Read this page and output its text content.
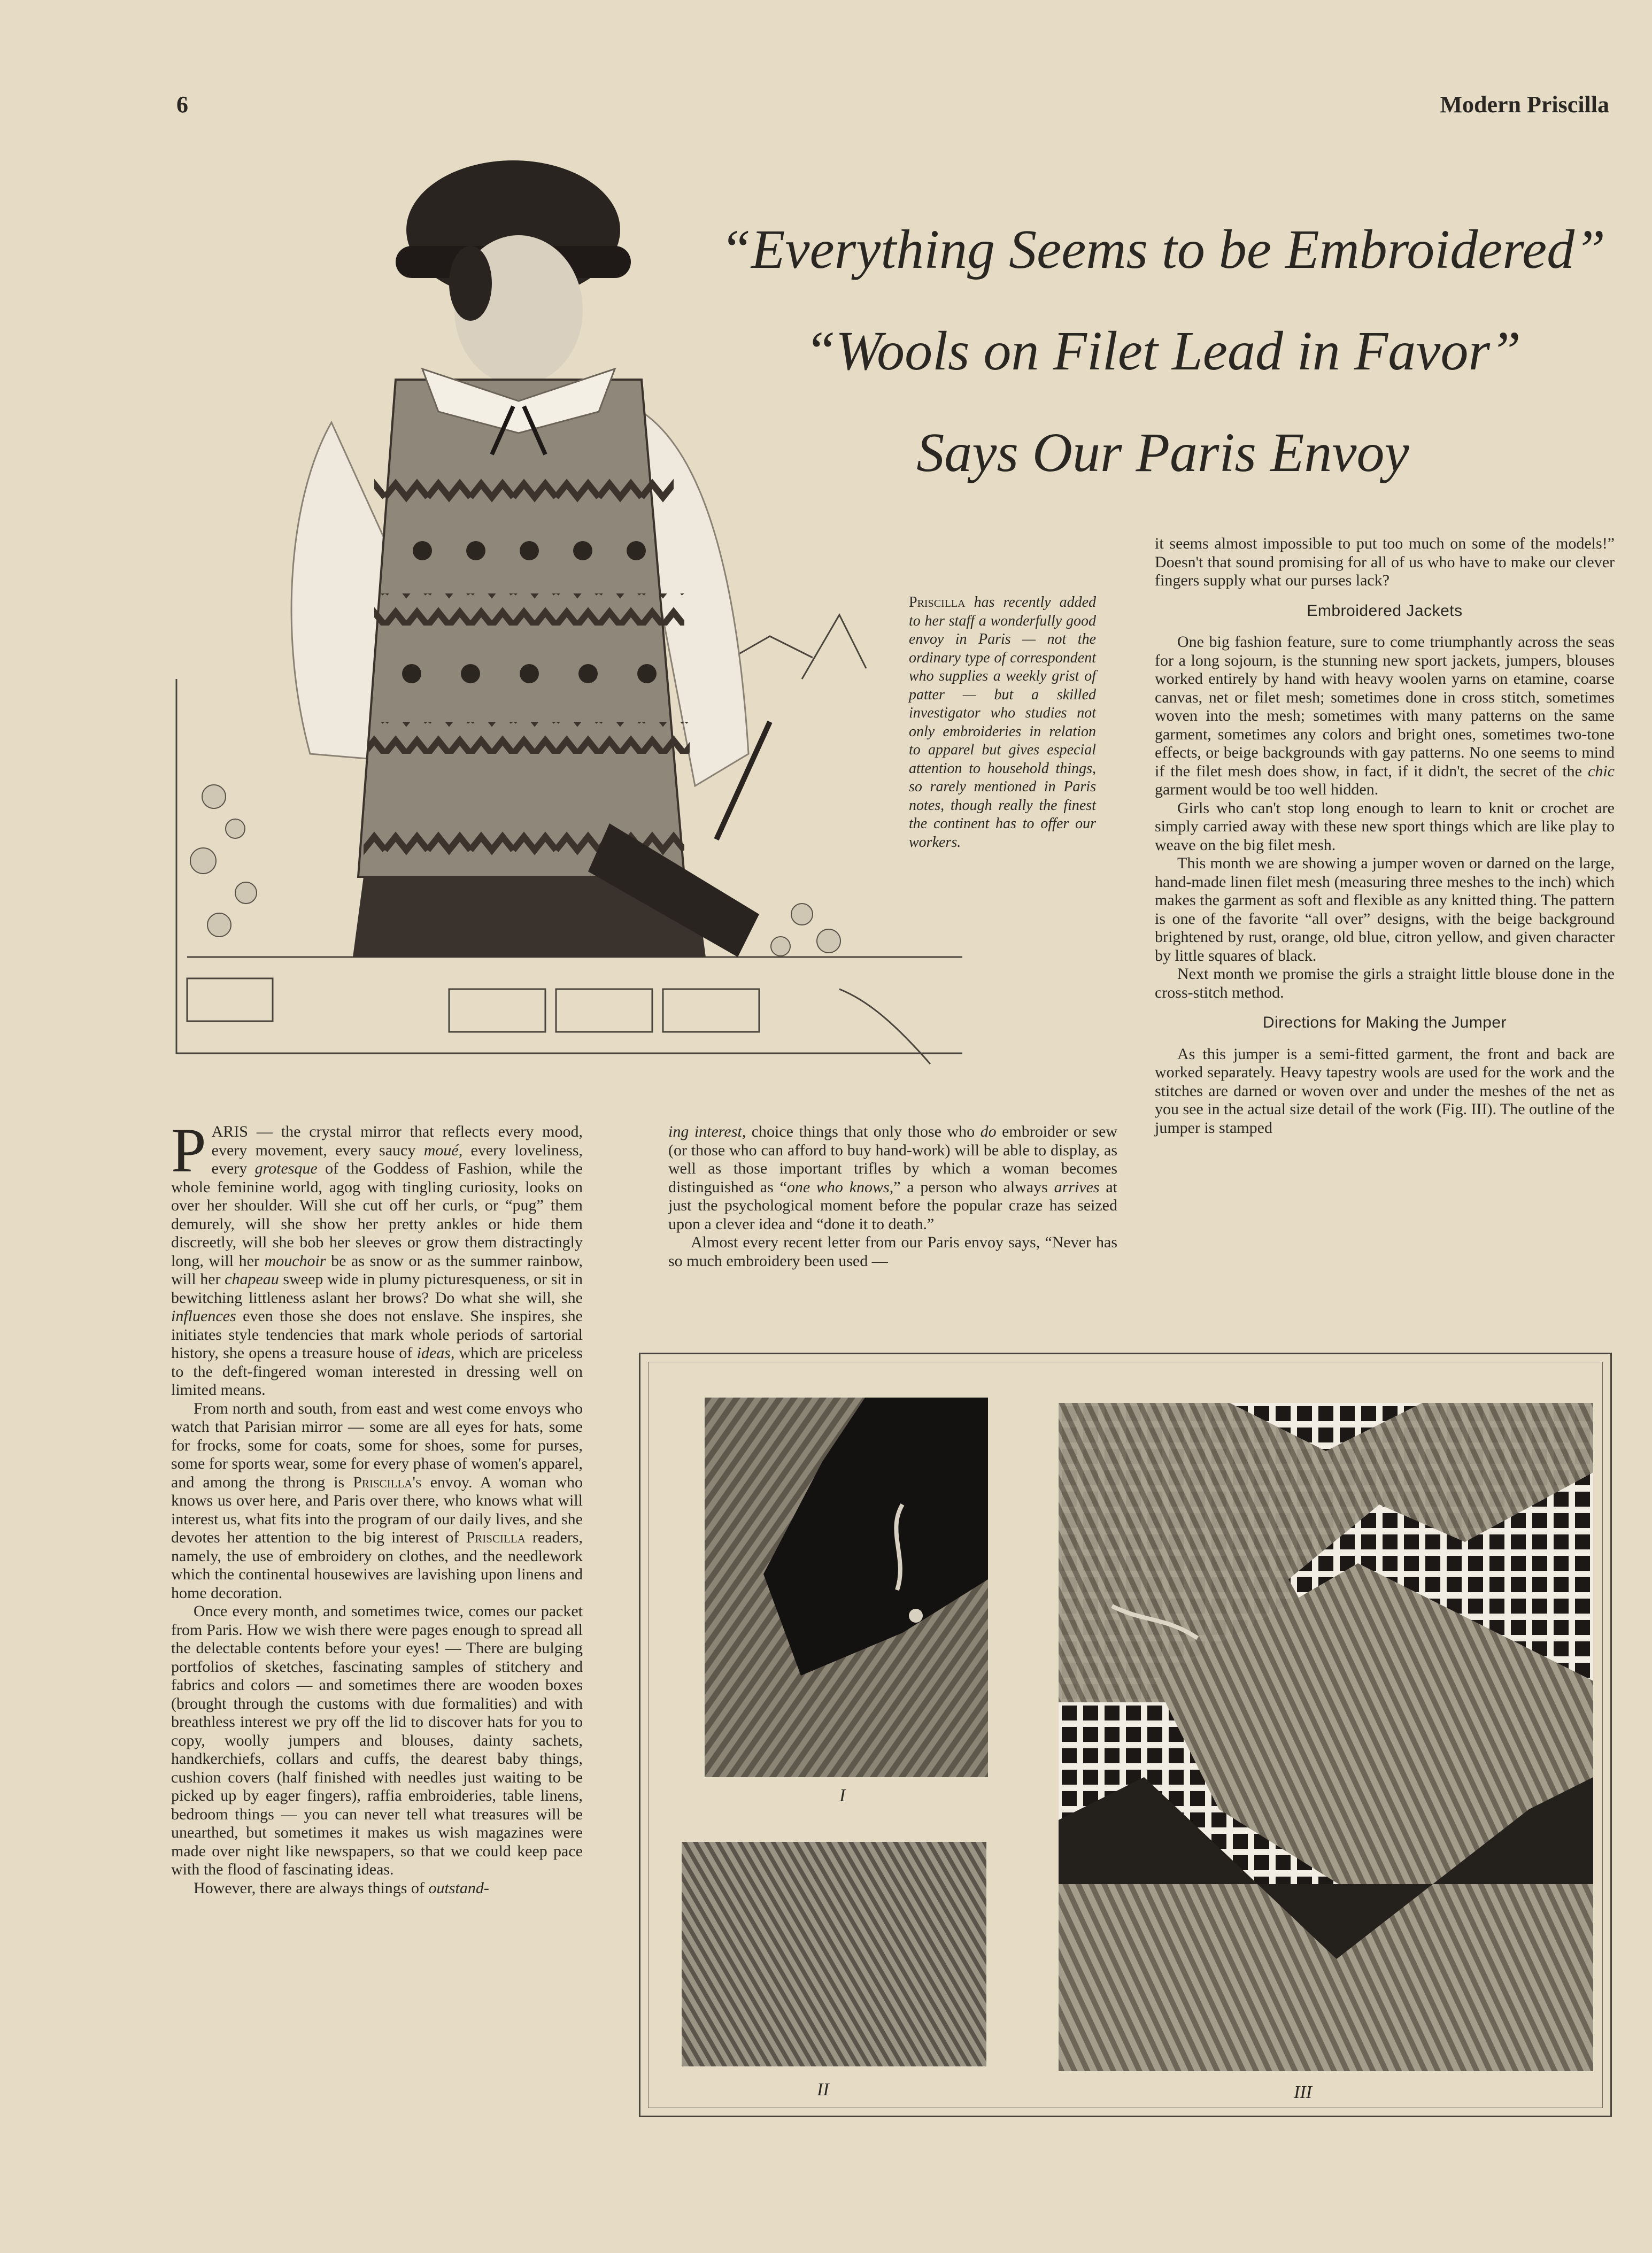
6	Modern Priscilla
“Everything Seems to be Embroidered”
“Wools on Filet Lead in Favor”
Says Our Paris Envoy
Priscilla has recently added to her staff a wonderfully good envoy in Paris — not the ordinary type of correspondent who supplies a weekly grist of patter — but a skilled investigator who studies not only embroideries in relation to apparel but gives especial attention to household things, so rarely mentioned in Paris notes, though really the finest the continent has to offer our workers.

PARIS — the crystal mirror that reflects every mood, every movement, every saucy moué, every loveliness, every grotesque of the Goddess of Fashion, while the whole feminine world, agog with tingling curiosity, looks on over her shoulder. Will she cut off her curls, or “pug” them demurely, will she show her pretty ankles or hide them discreetly, will she bob her sleeves or grow them distractingly long, will her mouchoir be as snow or as the summer rainbow, will her chapeau sweep wide in plumy picturesqueness, or sit in bewitching littleness aslant her brows? Do what she will, she influences even those she does not enslave. She inspires, she initiates style tendencies that mark whole periods of sartorial history, she opens a treasure house of ideas, which are priceless to the deft-fingered woman interested in dressing well on limited means.

From north and south, from east and west come envoys who watch that Parisian mirror — some are all eyes for hats, some for frocks, some for coats, some for shoes, some for purses, some for sports wear, some for every phase of women's apparel, and among the throng is Priscilla's envoy. A woman who knows us over here, and Paris over there, who knows what will interest us, what fits into the program of our daily lives, and she devotes her attention to the big interest of Priscilla readers, namely, the use of embroidery on clothes, and the needlework which the continental housewives are lavishing upon linens and home decoration.

Once every month, and sometimes twice, comes our packet from Paris. How we wish there were pages enough to spread all the delectable contents before your eyes! — There are bulging portfolios of sketches, fascinating samples of stitchery and fabrics and colors — and sometimes there are wooden boxes (brought through the customs with due formalities) and with breathless interest we pry off the lid to discover hats for you to copy, woolly jumpers and blouses, dainty sachets, handkerchiefs, collars and cuffs, the dearest baby things, cushion covers (half finished with needles just waiting to be picked up by eager fingers), raffia embroideries, table linens, bedroom things — you can never tell what treasures will be unearthed, but sometimes it makes us wish magazines were made over night like newspapers, so that we could keep pace with the flood of fascinating ideas.

However, there are always things of outstand-

ing interest, choice things that only those who do embroider or sew (or those who can afford to buy hand-work) will be able to display, as well as those important trifles by which a woman becomes distinguished as “one who knows,” a person who always arrives at just the psychological moment before the popular craze has seized upon a clever idea and “done it to death.”

Almost every recent letter from our Paris envoy says, “Never has so much embroidery been used —

it seems almost impossible to put too much on some of the models!” Doesn't that sound promising for all of us who have to make our clever fingers supply what our purses lack?

Embroidered Jackets

One big fashion feature, sure to come triumphantly across the seas for a long sojourn, is the stunning new sport jackets, jumpers, blouses worked entirely by hand with heavy woolen yarns on etamine, coarse canvas, net or filet mesh; sometimes done in cross stitch, sometimes woven into the mesh; sometimes with many patterns on the same garment, sometimes any colors and bright ones, sometimes two-tone effects, or beige backgrounds with gay patterns. No one seems to mind if the filet mesh does show, in fact, if it didn't, the secret of the chic garment would be too well hidden.

Girls who can't stop long enough to learn to knit or crochet are simply carried away with these new sport things which are like play to weave on the big filet mesh.

This month we are showing a jumper woven or darned on the large, hand-made linen filet mesh (measuring three meshes to the inch) which makes the garment as soft and flexible as any knitted thing. The pattern is one of the favorite “all over” designs, with the beige background brightened by rust, orange, old blue, citron yellow, and given character by little squares of black.

Next month we promise the girls a straight little blouse done in the cross-stitch method.

Directions for Making the Jumper

As this jumper is a semi-fitted garment, the front and back are worked separately. Heavy tapestry wools are used for the work and the stitches are darned or woven over and under the meshes of the net as you see in the actual size detail of the work (Fig. III). The outline of the jumper is stamped

I
II	III
